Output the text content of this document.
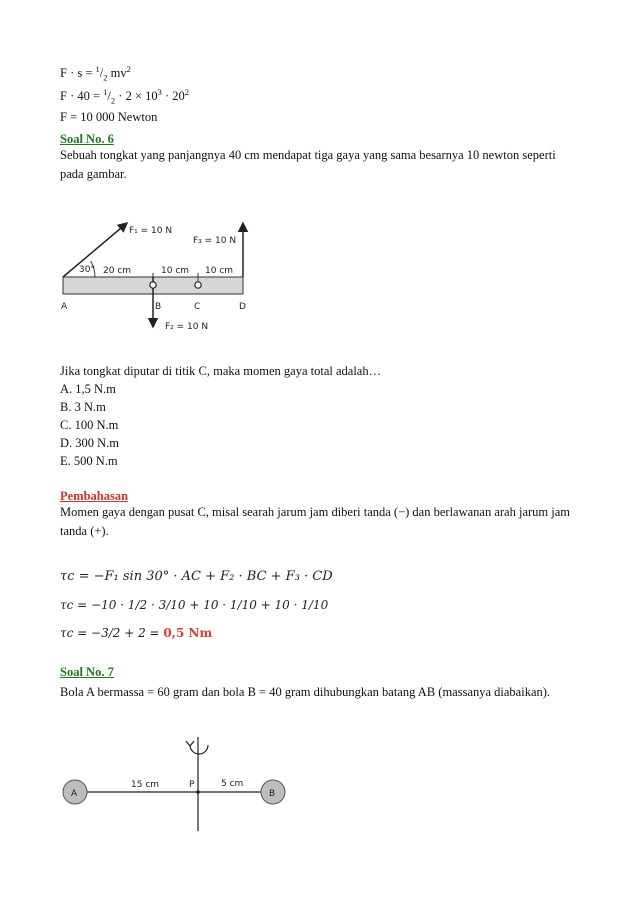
$F \cdot s = ^1/_2$ $mv^2$
$F \cdot 40 = ^1/_2 \cdot 2 \times 10^3 \cdot 20^2$
F = 10 000 Newton
Soal No. 6
Sebuah tongkat yang panjangnya 40 cm mendapat tiga gaya yang sama besarnya 10 newton seperti pada gambar.
F₁ = 10 N
F₃ = 10 N
F₂ = 10 N
30° 20 cm	10 cm 10 cm
A	B	C	D
Jika tongkat diputar di titik C, maka momen gaya total adalah…
A. 1,5 N.m
B. 3 N.m
C. 100 N.m
D. 300 N.m
E. 500 N.m
Pembahasan
Momen gaya dengan pusat C, misal searah jarum jam diberi tanda (−) dan berlawanan arah jarum jam tanda (+).
τc = −F₁ sin 30° · AC + F₂ · BC + F₃ · CD
τc = −10 · 1/2 · 3/10 + 10 · 1/10 + 10 · 1/10
τc = −3/2 + 2 = 0,5 Nm
Soal No. 7
Bola A bermassa = 60 gram dan bola B = 40 gram dihubungkan batang AB (massanya diabaikan).
A	B
P
15 cm	5 cm
